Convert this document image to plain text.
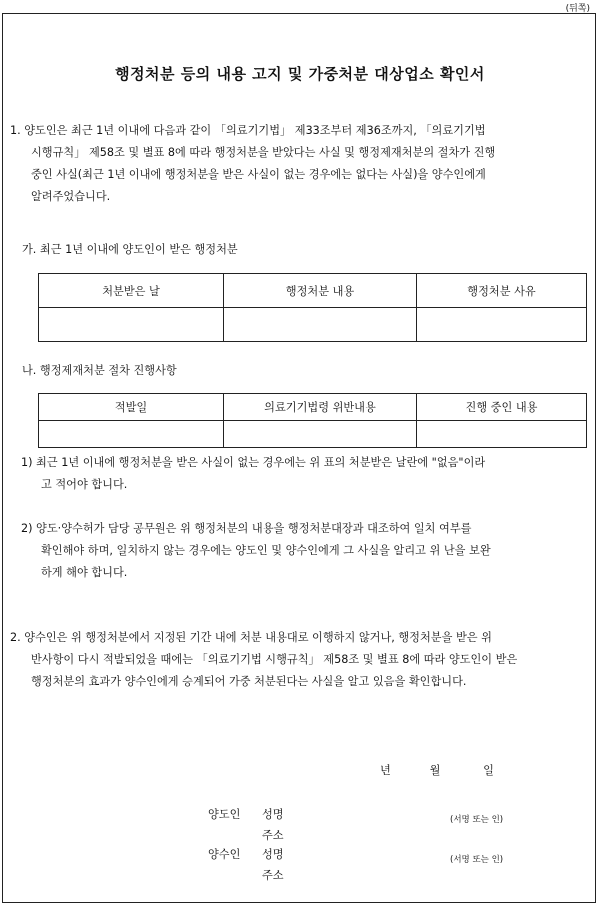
(뒤쪽)
행정처분 등의 내용 고지 및 가중처분 대상업소 확인서
1. 양도인은 최근 1년 이내에 다음과 같이 「의료기기법」 제33조부터 제36조까지, 「의료기기법
시행규칙」 제58조 및 별표 8에 따라 행정처분을 받았다는 사실 및 행정제재처분의 절차가 진행
중인 사실(최근 1년 이내에 행정처분을 받은 사실이 없는 경우에는 없다는 사실)을 양수인에게
알려주었습니다.
가. 최근 1년 이내에 양도인이 받은 행정처분
처분받은 날	행정처분 내용	행정처분 사유

나. 행정제재처분 절차 진행사항
적발일	의료기기법령 위반내용	진행 중인 내용

1) 최근 1년 이내에 행정처분을 받은 사실이 없는 경우에는 위 표의 처분받은 날란에 "없음"이라
고 적어야 합니다.
2) 양도·양수허가 담당 공무원은 위 행정처분의 내용을 행정처분대장과 대조하여 일치 여부를
확인해야 하며, 일치하지 않는 경우에는 양도인 및 양수인에게 그 사실을 알리고 위 난을 보완
하게 해야 합니다.
2. 양수인은 위 행정처분에서 지정된 기간 내에 처분 내용대로 이행하지 않거나, 행정처분을 받은 위
반사항이 다시 적발되었을 때에는 「의료기기법 시행규칙」 제58조 및 별표 8에 따라 양도인이 받은
행정처분의 효과가 양수인에게 승계되어 가중 처분된다는 사실을 알고 있음을 확인합니다.
년	월	일
양도인 성명
주소
(서명 또는 인)
양수인 성명
주소
(서명 또는 인)
